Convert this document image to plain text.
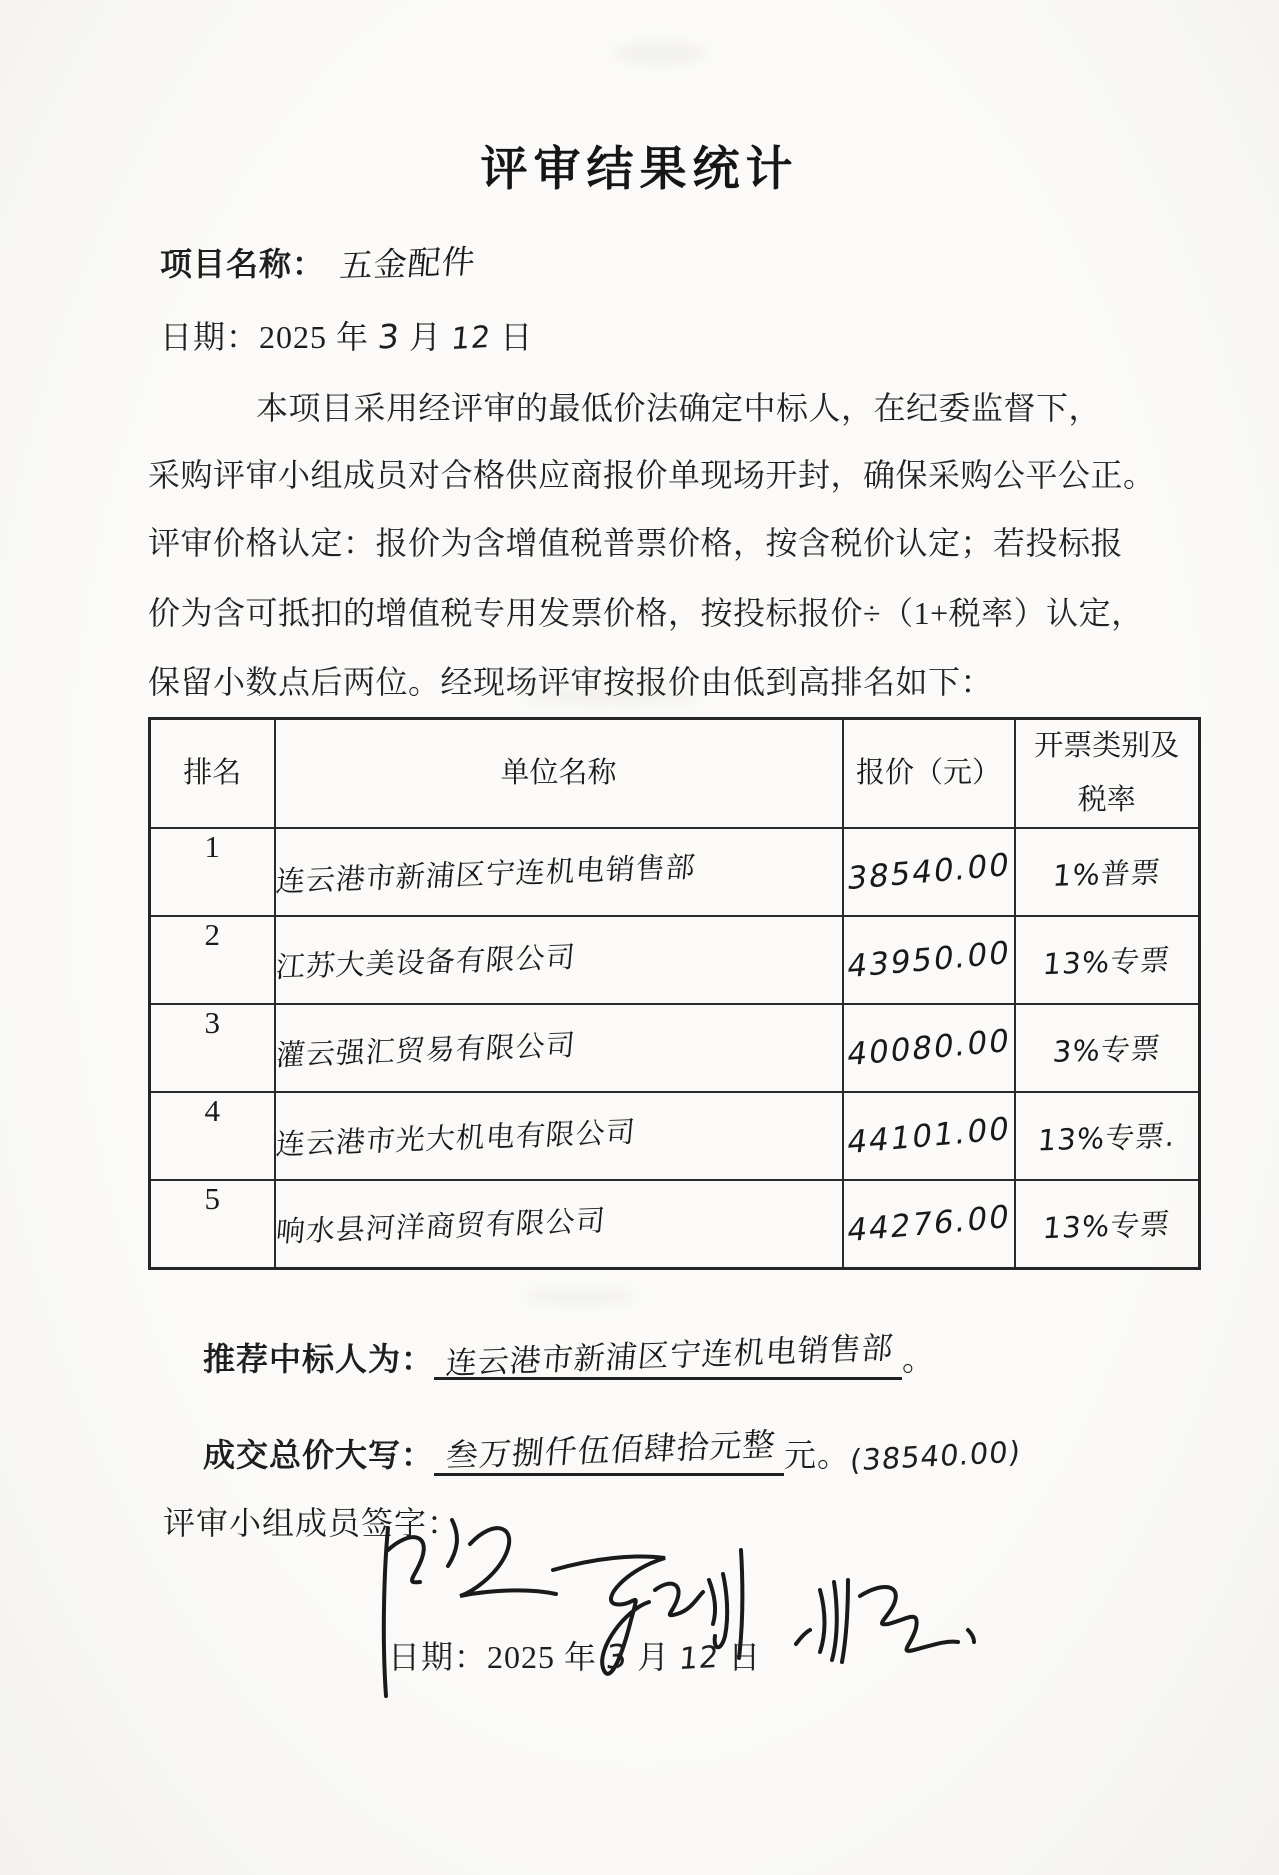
评审结果统计
项目名称： 五金配件
日期：2025 年 3 月 12 日
本项目采用经评审的最低价法确定中标人，在纪委监督下，
采购评审小组成员对合格供应商报价单现场开封，确保采购公平公正。
评审价格认定：报价为含增值税普票价格，按含税价认定；若投标报
价为含可抵扣的增值税专用发票价格，按投标报价÷（1+税率）认定，
保留小数点后两位。经现场评审按报价由低到高排名如下：
排名	单位名称	报价（元）	开票类别及
税率

1	连云港市新浦区宁连机电销售部	38540.00	1%普票
2	江苏大美设备有限公司	43950.00	13%专票
3	灌云强汇贸易有限公司	40080.00	3%专票
4	连云港市光大机电有限公司	44101.00	13%专票.
5	响水县河洋商贸有限公司	44276.00	13%专票
推荐中标人为： 连云港市新浦区宁连机电销售部 。
成交总价大写： 叁万捌仟伍佰肆拾元整 元。(38540.00)
评审小组成员签字：
日期：2025 年 3 月 12 日
